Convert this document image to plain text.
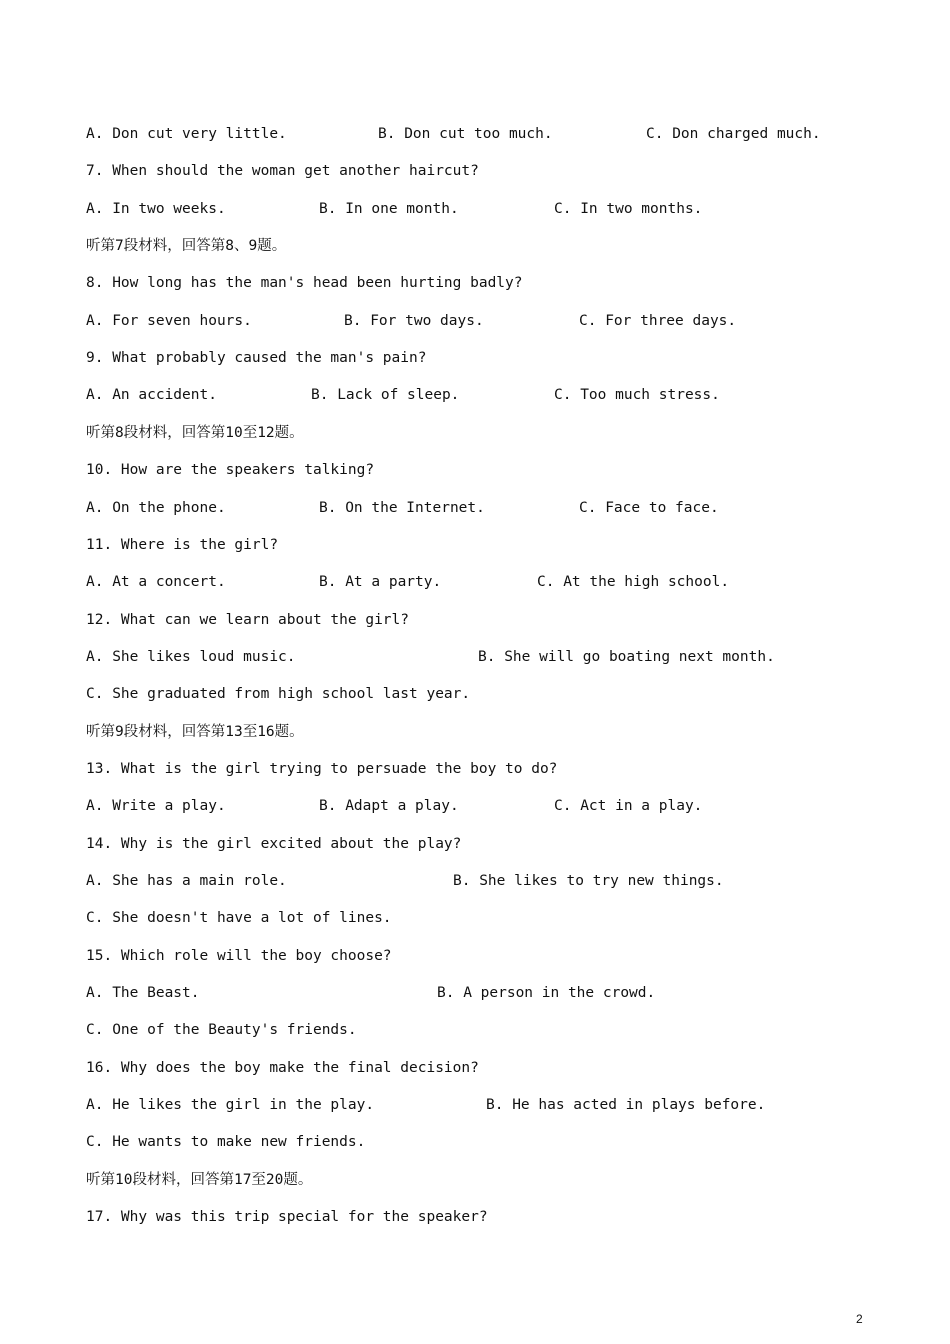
A. Don cut very little.	B. Don cut too much.	C. Don charged much.
7. When should the woman get another haircut?
A. In two weeks.	B. In one month.	C. In two months.
听第7段材料，回答第8、9题。
8. How long has the man's head been hurting badly?
A. For seven hours.	B. For two days.	C. For three days.
9. What probably caused the man's pain?
A. An accident.	B. Lack of sleep.	C. Too much stress.
听第8段材料，回答第10至12题。
10. How are the speakers talking?
A. On the phone.	B. On the Internet.	C. Face to face.
11. Where is the girl?
A. At a concert.	B. At a party.	C. At the high school.
12. What can we learn about the girl?
A. She likes loud music.	B. She will go boating next month.
C. She graduated from high school last year.
听第9段材料，回答第13至16题。
13. What is the girl trying to persuade the boy to do?
A. Write a play.	B. Adapt a play.	C. Act in a play.
14. Why is the girl excited about the play?
A. She has a main role.	B. She likes to try new things.
C. She doesn't have a lot of lines.
15. Which role will the boy choose?
A. The Beast.	B. A person in the crowd.
C. One of the Beauty's friends.
16. Why does the boy make the final decision?
A. He likes the girl in the play.	B. He has acted in plays before.
C. He wants to make new friends.
听第10段材料，回答第17至20题。
17. Why was this trip special for the speaker?
2
